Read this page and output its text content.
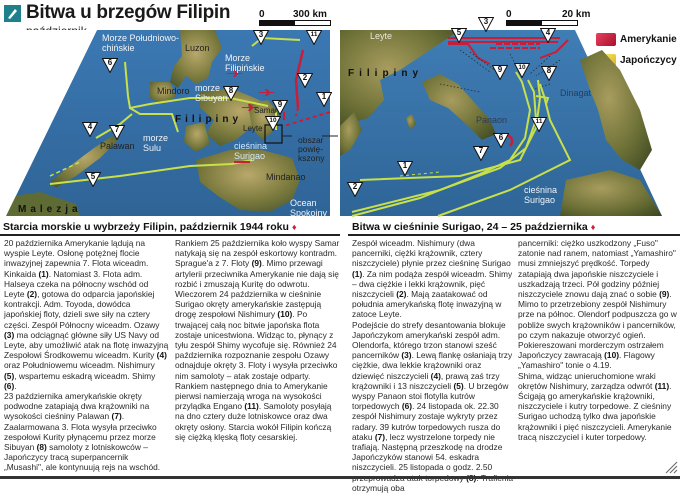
Bitwa u brzegów Filipin	0	300 km
Morze Południowo-
chińskie	Luzon
Morze
Filipińskie
Mindoro morze
Sibuyan
Samar
Filipiny
Leyte
Palawan
morze
Sulu	cieśnina
Surigao
obszar
powię-
kszony
Mindanao
Ocean
Spokojny
Malezja
1
2
3
4
5
6
7
8
9
10
11
Starcia morskie u wybrzeży Filipin, październik 1944 roku ♦
0	20 km
Amerykanie
Japończycy
Leyte
Filipiny
Panaon
Dinagat
cieśnina
Surigao
1
2
3
4
5
6
7
8
9	10
11
Bitwa w cieśninie Surigao, 24 – 25 października ♦

20 października Amerykanie lądują na wyspie Leyte. Osłonę potężnej flocie inwazyjnej zapewnia 7. Flota wiceadm. Kinkaida (1). Natomiast 3. Flota adm. Halseya czeka na północny wschód od Leyte (2), gotowa do odparcia japońskiej kontrakcji. Adm. Toyoda, dowódca japońskiej floty, dzieli swe siły na cztery części. Zespół Północny wiceadm. Ozawy (3) ma odciągnąć główne siły US Navy od Leyte, aby umożliwić atak na flotę inwazyjną Zespołowi Środkowemu wiceadm. Kurity (4) oraz Południowemu wiceadm. Nishimury (5), wspartemu eskadrą wiceadm. Shimy (6).

23 października amerykańskie okręty podwodne zatapiają dwa krążowniki na wysokości cieśniny Palawan (7). Zaalarmowana 3. Flota wysyła przeciwko zespołowi Kurity płynącemu przez morze Sibuyan (8) samoloty z lotniskowców – Japończycy tracą superpancernik „Musashi", ale kontynuują rejs na wschód.

Rankiem 25 października koło wyspy Samar natykają się na zespół eskortowy kontradm. Sprague'a z 7. Floty (9). Mimo przewagi artylerii przeciwnika Amerykanie nie dają się rozbić i zmuszają Kuritę do odwrotu.

Wieczorem 24 października w cieśninie Surigao okręty amerykańskie zastępują drogę zespołowi Nishimury (10). Po trwającej całą noc bitwie japońska flota zostaje unicestwiona. Widząc to, płynący z tyłu zespół Shimy wycofuje się. Również 24 października rozpoznanie zespołu Ozawy odnajduje okręty 3. Floty i wysyła przeciwko nim samoloty – atak zostaje odparty. Rankiem następnego dnia to Amerykanie pierwsi namierzają wroga na wysokości przylądka Engano (11). Samoloty posyłają na dno cztery duże lotniskowce oraz dwa okręty osłony. Starcia wokół Filipin kończą się ciężką klęską floty cesarskiej.

Zespół wiceadm. Nishimury (dwa pancerniki, ciężki krążownik, cztery niszczyciele) płynie przez cieśninę Surigao (1). Za nim podąża zespół wiceadm. Shimy – dwa ciężkie i lekki krążownik, pięć niszczycieli (2). Mają zaatakować od południa amerykańską flotę inwazyjną w zatoce Leyte.

Podejście do strefy desantowania blokuje Japończykom amerykański zespół adm. Olendorfa, którego trzon stanowi sześć pancerników (3). Lewą flankę osłaniają trzy ciężkie, dwa lekkie krążowniki oraz dziewięć niszczycieli (4), prawą zaś trzy krążowniki i 13 niszczycieli (5). U brzegów wyspy Panaon stoi flotylla kutrów torpedowych (6). 24 listopada ok. 22.30 zespół Nishimury zostaje wykryty przez radary. 39 kutrów torpedowych rusza do ataku (7), lecz wystrzelone torpedy nie trafiają. Następną przeszkodę na drodze Japończyków stanowi 54. eskadra niszczycieli. 25 listopada o godz. 2.50 otrzymują oba

pancerniki: ciężko uszkodzony „Fuso" zatonie nad ranem, natomiast „Yamashiro" musi zmniejszyć prędkość. Torpedy zatapiają dwa japońskie niszczyciele i uszkadzają trzeci. Pół godziny później niszczyciele znowu dają znać o sobie (9). Mimo to przetrzebiony zespół Nishimury prze na północ. Olendorf podpuszcza go w pobliże swych krążowników i pancerników, po czym nakazuje otworzyć ogień. Pokiereszowani morderczym ostrzałem Japończycy zawracają (10). Flagowy „Yamashiro" tonie o 4.19.

Shima, widząc unieruchomione wraki okrętów Nishimury, zarządza odwrót (11). Ścigają go amerykańskie krążowniki, niszczyciele i kutry torpedowe. Z cieśniny Surigao uchodzą tylko dwa japońskie krążowniki i pięć niszczycieli. Amerykanie tracą niszczyciel i kuter torpedowy.
